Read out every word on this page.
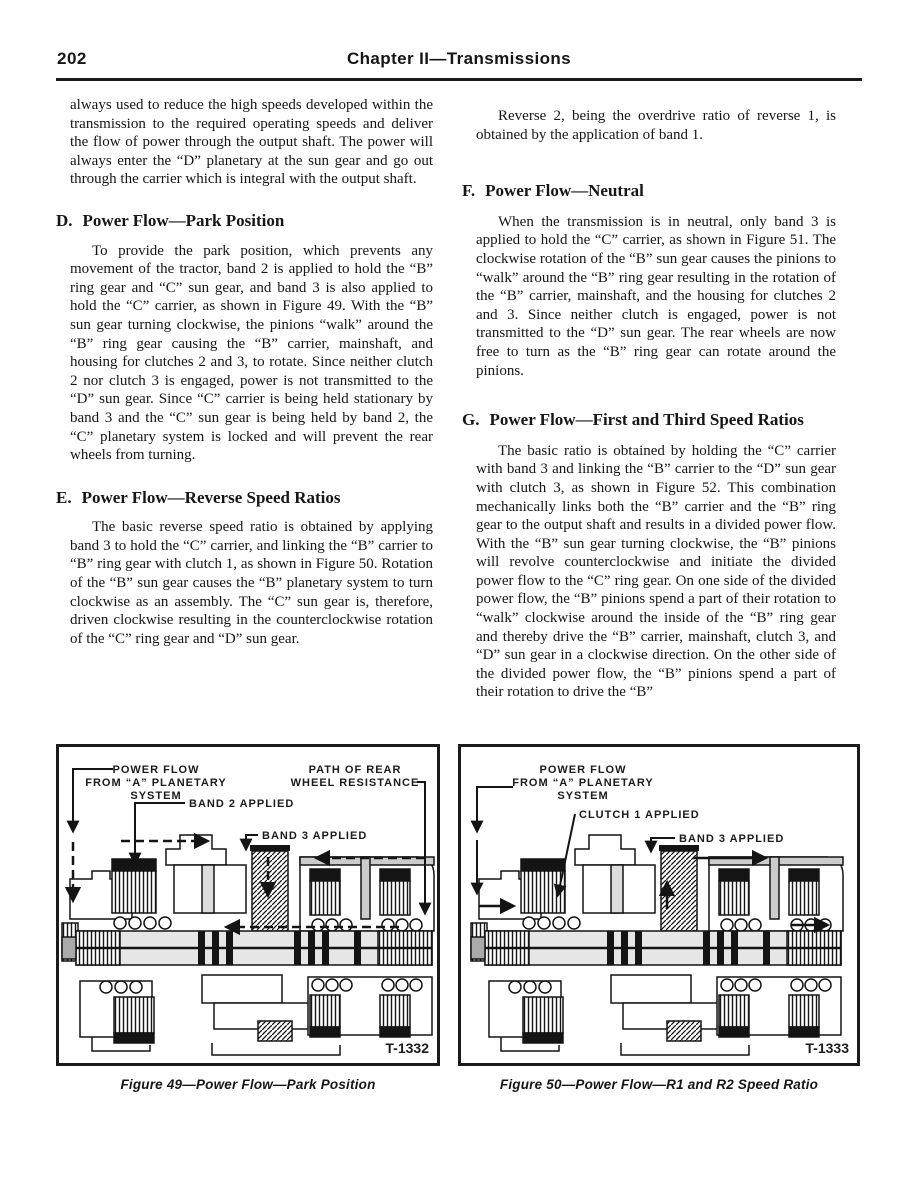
202	Chapter II—Transmissions

always used to reduce the high speeds developed within the transmission to the required operating speeds and deliver the flow of power through the output shaft. The power will always enter the “D” planetary at the sun gear and go out through the carrier which is integral with the output shaft.

D. Power Flow—Park Position

To provide the park position, which prevents any movement of the tractor, band 2 is applied to hold the “B” ring gear and “C” sun gear, and band 3 is also applied to hold the “C” carrier, as shown in Figure 49. With the “B” sun gear turning clockwise, the pinions “walk” around the “B” ring gear causing the “B” carrier, mainshaft, and housing for clutches 2 and 3, to rotate. Since neither clutch 2 nor clutch 3 is engaged, power is not transmitted to the “D” sun gear. Since “C” carrier is being held stationary by band 3 and the “C” sun gear is being held by band 2, the “C” planetary system is locked and will prevent the rear wheels from turning.

E. Power Flow—Reverse Speed Ratios

The basic reverse speed ratio is obtained by applying band 3 to hold the “C” carrier, and linking the “B” carrier to “B” ring gear with clutch 1, as shown in Figure 50. Rotation of the “B” sun gear causes the “B” planetary system to turn clockwise as an assembly. The “C” sun gear is, therefore, driven clockwise resulting in the counterclockwise rotation of the “C” ring gear and “D” sun gear.

Reverse 2, being the overdrive ratio of reverse 1, is obtained by the application of band 1.

F. Power Flow—Neutral

When the transmission is in neutral, only band 3 is applied to hold the “C” carrier, as shown in Figure 51. The clockwise rotation of the “B” sun gear causes the pinions to “walk” around the “B” ring gear resulting in the rotation of the “B” carrier, mainshaft, and the housing for clutches 2 and 3. Since neither clutch is engaged, power is not transmitted to the “D” sun gear. The rear wheels are now free to turn as the “B” ring gear can rotate around the pinions.

G. Power Flow—First and Third Speed Ratios

The basic ratio is obtained by holding the “C” carrier with band 3 and linking the “B” carrier to the “D” sun gear with clutch 3, as shown in Figure 52. This combination mechanically links both the “B” carrier and the “B” ring gear to the output shaft and results in a divided power flow. With the “B” sun gear turning clockwise, the “B” pinions will revolve counterclockwise and initiate the divided power flow to the “C” ring gear. On one side of the divided power flow, the “B” pinions spend a part of their rotation to “walk” clockwise around the inside of the “B” ring gear and thereby drive the “B” carrier, mainshaft, clutch 3, and “D” sun gear in a clockwise direction. On the other side of the divided power flow, the “B” pinions spend a part of their rotation to drive the “B”

POWER FLOW
FROM “A” PLANETARY
SYSTEM
PATH OF REAR
WHEEL RESISTANCE
BAND 2 APPLIED
BAND 3 APPLIED
T-1332
POWER FLOW
FROM “A” PLANETARY
SYSTEM
CLUTCH 1 APPLIED
BAND 3 APPLIED
T-1333
Figure 49—Power Flow—Park Position	Figure 50—Power Flow—R1 and R2 Speed Ratio
